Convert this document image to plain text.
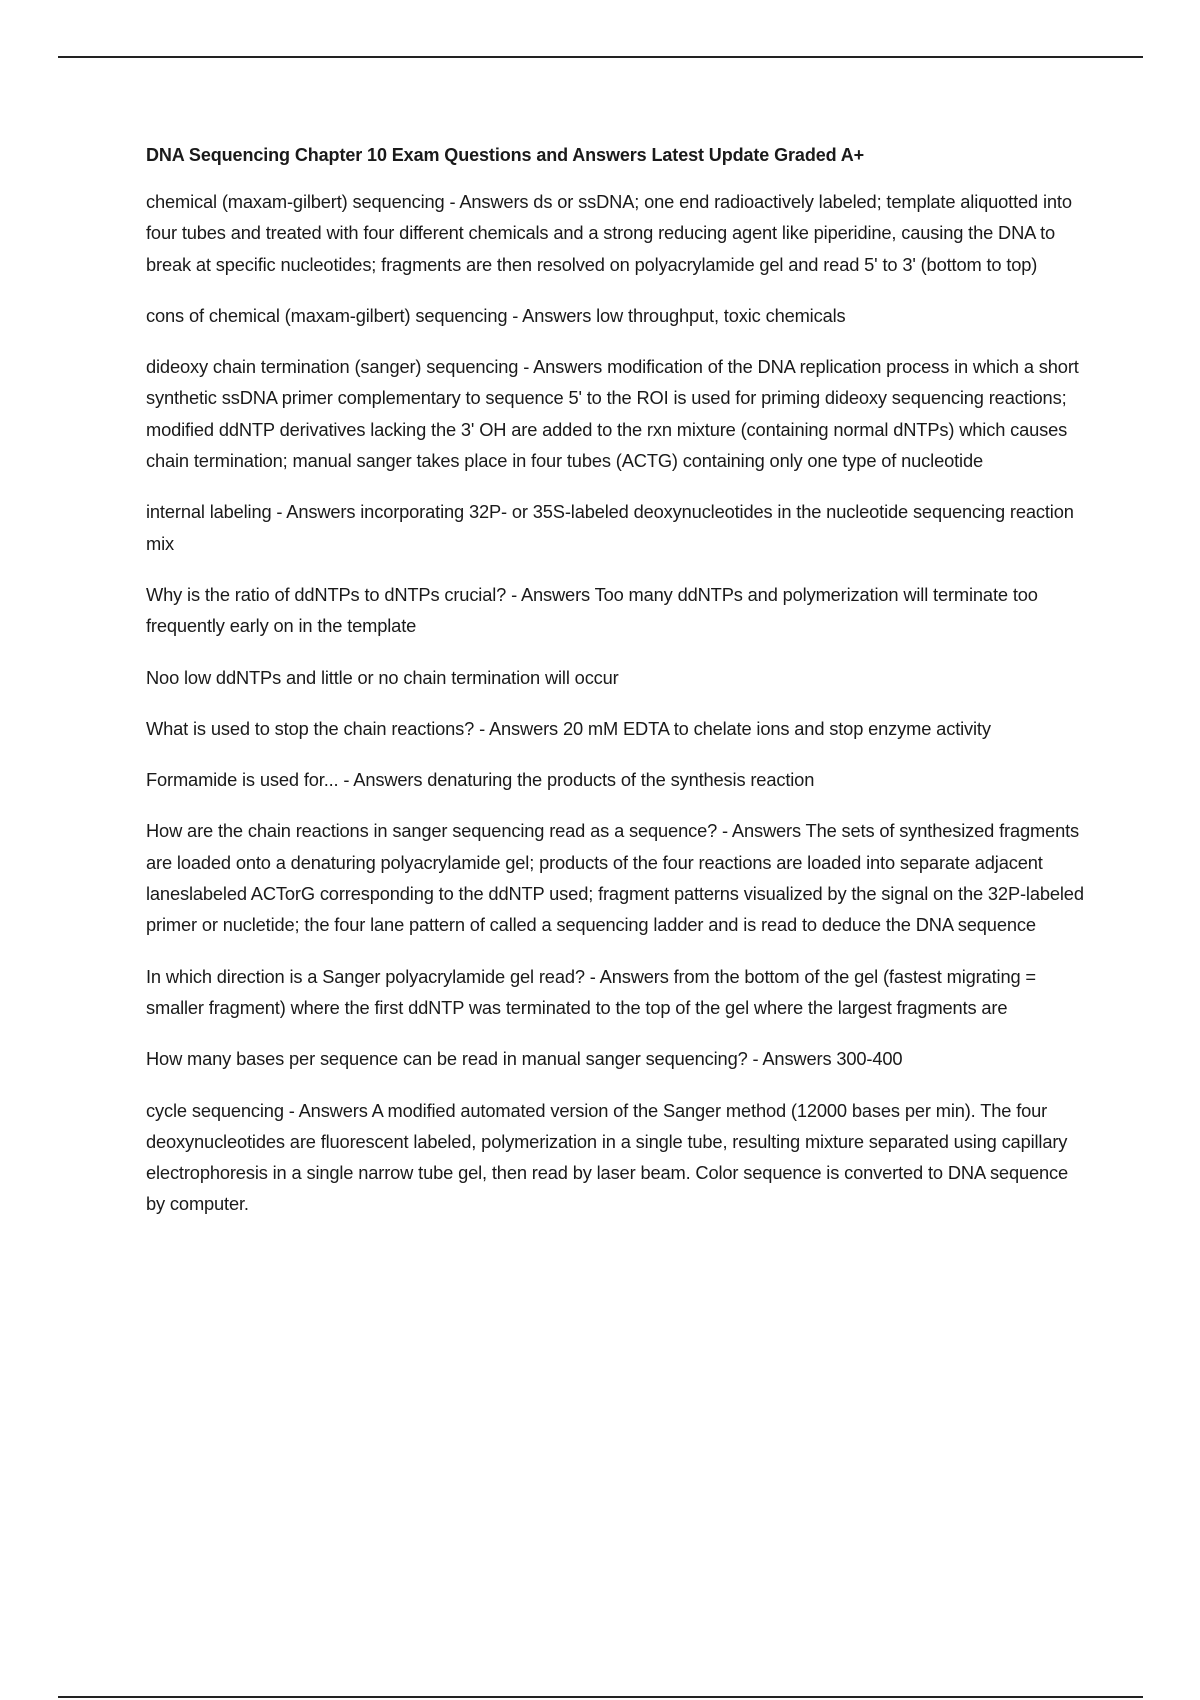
DNA Sequencing Chapter 10 Exam Questions and Answers Latest Update Graded A+

chemical (maxam-gilbert) sequencing - Answers ds or ssDNA; one end radioactively labeled; template aliquotted into four tubes and treated with four different chemicals and a strong reducing agent like piperidine, causing the DNA to break at specific nucleotides; fragments are then resolved on polyacrylamide gel and read 5' to 3' (bottom to top)

cons of chemical (maxam-gilbert) sequencing - Answers low throughput, toxic chemicals

dideoxy chain termination (sanger) sequencing - Answers modification of the DNA replication process in which a short synthetic ssDNA primer complementary to sequence 5' to the ROI is used for priming dideoxy sequencing reactions; modified ddNTP derivatives lacking the 3' OH are added to the rxn mixture (containing normal dNTPs) which causes chain termination; manual sanger takes place in four tubes (ACTG) containing only one type of nucleotide

internal labeling - Answers incorporating 32P- or 35S-labeled deoxynucleotides in the nucleotide sequencing reaction mix

Why is the ratio of ddNTPs to dNTPs crucial? - Answers Too many ddNTPs and polymerization will terminate too frequently early on in the template

Noo low ddNTPs and little or no chain termination will occur

What is used to stop the chain reactions? - Answers 20 mM EDTA to chelate ions and stop enzyme activity

Formamide is used for... - Answers denaturing the products of the synthesis reaction

How are the chain reactions in sanger sequencing read as a sequence? - Answers The sets of synthesized fragments are loaded onto a denaturing polyacrylamide gel; products of the four reactions are loaded into separate adjacent laneslabeled ACTorG corresponding to the ddNTP used; fragment patterns visualized by the signal on the 32P-labeled primer or nucletide; the four lane pattern of called a sequencing ladder and is read to deduce the DNA sequence

In which direction is a Sanger polyacrylamide gel read? - Answers from the bottom of the gel (fastest migrating = smaller fragment) where the first ddNTP was terminated to the top of the gel where the largest fragments are

How many bases per sequence can be read in manual sanger sequencing? - Answers 300-400

cycle sequencing - Answers A modified automated version of the Sanger method (12000 bases per min). The four deoxynucleotides are fluorescent labeled, polymerization in a single tube, resulting mixture separated using capillary electrophoresis in a single narrow tube gel, then read by laser beam. Color sequence is converted to DNA sequence by computer.
